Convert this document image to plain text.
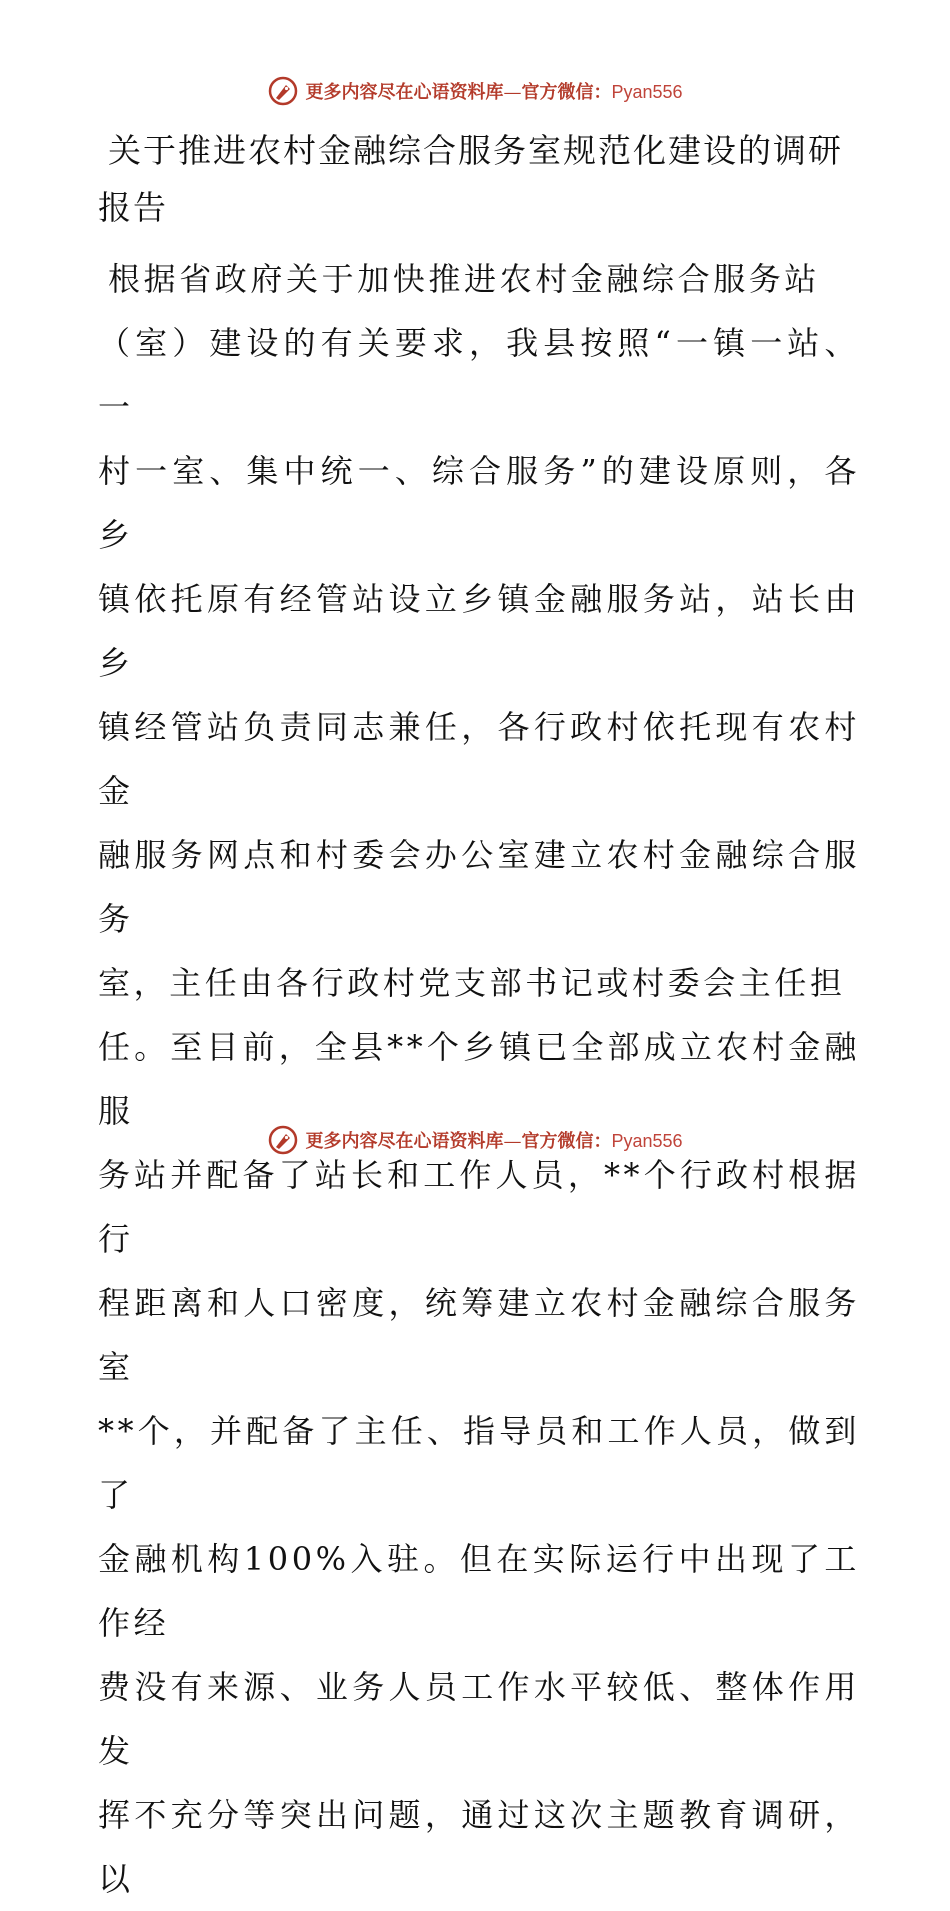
更多内容尽在心语资料库—官方微信：Pyan556
关于推进农村金融综合服务室规范化建设的调研
报告
根据省政府关于加快推进农村金融综合服务站
（室）建设的有关要求，我县按照“一镇一站、一
村一室、集中统一、综合服务”的建设原则，各乡
镇依托原有经管站设立乡镇金融服务站，站长由乡
镇经管站负责同志兼任，各行政村依托现有农村金
融服务网点和村委会办公室建立农村金融综合服务
室，主任由各行政村党支部书记或村委会主任担
任。至目前，全县**个乡镇已全部成立农村金融服
务站并配备了站长和工作人员，**个行政村根据行
程距离和人口密度，统筹建立农村金融综合服务室
**个，并配备了主任、指导员和工作人员，做到了
金融机构100%入驻。但在实际运行中出现了工作经
费没有来源、业务人员工作水平较低、整体作用发
挥不充分等突出问题，通过这次主题教育调研，以
更多内容尽在心语资料库—官方微信：Pyan556
